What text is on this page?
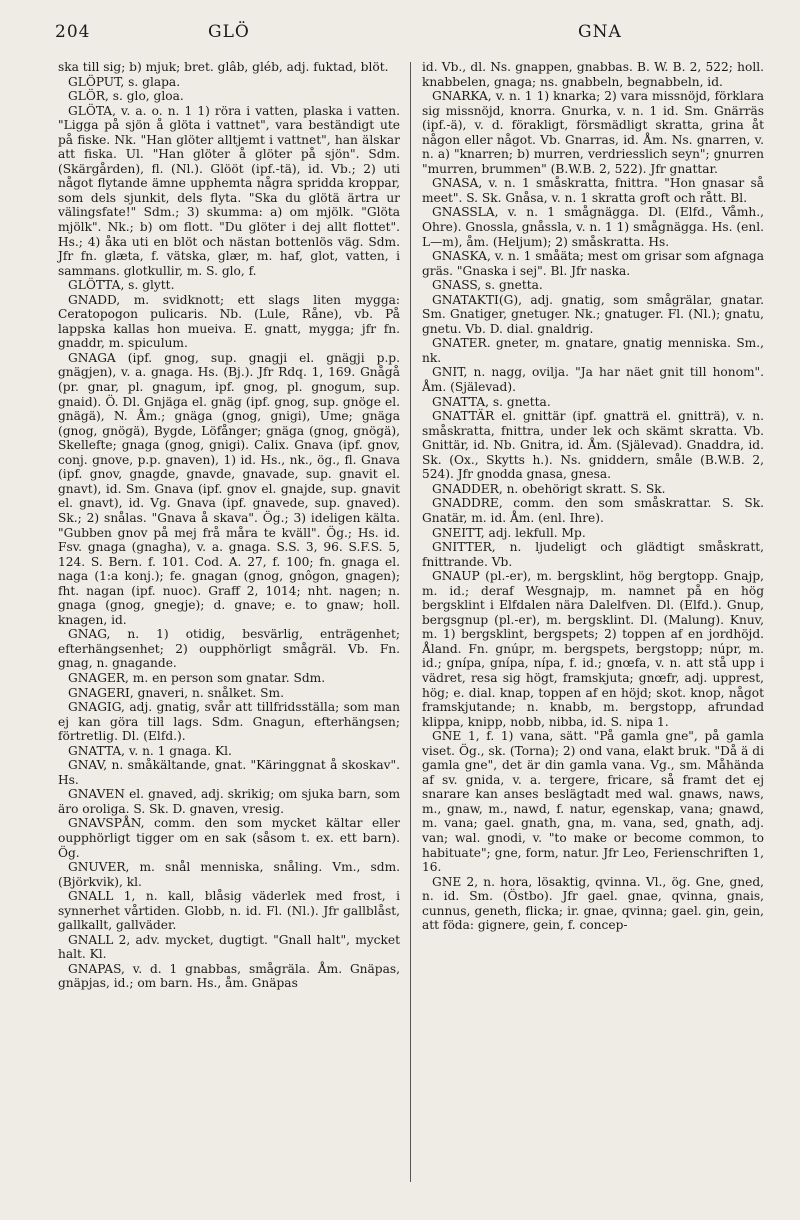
204	GLÖ	GNA

ska till sig; b) mjuk; bret. glâb, gléb, adj. fuktad, blöt.

GLÖPUT, s. glapa.

GLÖR, s. glo, gloa.

GLÖTA, v. a. o. n. 1 1) röra i vatten, plaska i vatten. "Ligga på sjön å glöta i vattnet", vara beständigt ute på fiske. Nk. "Han glöter alltjemt i vattnet", han älskar att fiska. Ul. "Han glöter å glöter på sjön". Sdm. (Skärgården), fl. (Nl.). Glööt (ipf.-tä), id. Vb.; 2) uti något flytande ämne upphemta några spridda kroppar, som dels sjunkit, dels flyta. "Ska du glötä ärtra ur välingsfate!" Sdm.; 3) skumma: a) om mjölk. "Glöta mjölk". Nk.; b) om flott. "Du glöter i dej allt flottet". Hs.; 4) åka uti en blöt och nästan bottenlös väg. Sdm. Jfr fn. glæta, f. vätska, glær, m. haf, glot, vatten, i sammans. glotkullir, m. S. glo, f.

GLÖTTA, s. glytt.

GNADD, m. svidknott; ett slags liten mygga: Ceratopogon pulicaris. Nb. (Lule, Råne), vb. På lappska kallas hon mueiva. E. gnatt, mygga; jfr fn. gnaddr, m. spiculum.

GNAGA (ipf. gnog, sup. gnagji el. gnägji p.p. gnägjen), v. a. gnaga. Hs. (Bj.). Jfr Rdq. 1, 169. Gnågå (pr. gnar, pl. gnagum, ipf. gnog, pl. gnogum, sup. gnaid). Ö. Dl. Gnjäga el. gnäg (ipf. gnog, sup. gnöge el. gnägä), N. Åm.; gnäga (gnog, gnigi), Ume; gnäga (gnog, gnögä), Bygde, Löfånger; gnäga (gnog, gnögä), Skellefte; gnaga (gnog, gnigi). Calix. Gnava (ipf. gnov, conj. gnove, p.p. gnaven), 1) id. Hs., nk., ög., fl. Gnava (ipf. gnov, gnagde, gnavde, gnavade, sup. gnavit el. gnavt), id. Sm. Gnava (ipf. gnov el. gnajde, sup. gnavit el. gnavt), id. Vg. Gnava (ipf. gnavede, sup. gnaved). Sk.; 2) snålas. "Gnava å skava". Ög.; 3) ideligen kälta. "Gubben gnov på mej frå måra te kväll". Ög.; Hs. id. Fsv. gnaga (gnagha), v. a. gnaga. S.S. 3, 96. S.F.S. 5, 124. S. Bern. f. 101. Cod. A. 27, f. 100; fn. gnaga el. naga (1:a konj.); fe. gnagan (gnog, gnôgon, gnagen); fht. nagan (ipf. nuoc). Graff 2, 1014; nht. nagen; n. gnaga (gnog, gnegje); d. gnave; e. to gnaw; holl. knagen, id.

GNAG, n. 1) otidig, besvärlig, enträgenhet; efterhängsenhet; 2) oupphörligt smågräl. Vb. Fn. gnag, n. gnagande.

GNAGER, m. en person som gnatar. Sdm.

GNAGERI, gnaveri, n. snålket. Sm.

GNAGIG, adj. gnatig, svår att tillfridsställa; som man ej kan göra till lags. Sdm. Gnagun, efterhängsen; förtretlig. Dl. (Elfd.).

GNATTA, v. n. 1 gnaga. Kl.

GNAV, n. småkältande, gnat. "Käringgnat å skoskav". Hs.

GNAVEN el. gnaved, adj. skrikig; om sjuka barn, som äro oroliga. S. Sk. D. gnaven, vresig.

GNAVSPÅN, comm. den som mycket kältar eller oupphörligt tigger om en sak (såsom t. ex. ett barn). Ög.

GNUVER, m. snål menniska, snåling. Vm., sdm. (Björkvik), kl.

GNALL 1, n. kall, blåsig väderlek med frost, i synnerhet vårtiden. Globb, n. id. Fl. (Nl.). Jfr gallblåst, gallkallt, gallväder.

GNALL 2, adv. mycket, dugtigt. "Gnall halt", mycket halt. Kl.

GNAPAS, v. d. 1 gnabbas, smågräla. Åm. Gnäpas, gnäpjas, id.; om barn. Hs., åm. Gnäpas

id. Vb., dl. Ns. gnappen, gnabbas. B. W. B. 2, 522; holl. knabbelen, gnaga; ns. gnabbeln, begnabbeln, id.

GNARKA, v. n. 1 1) knarka; 2) vara missnöjd, förklara sig missnöjd, knorra. Gnurka, v. n. 1 id. Sm. Gnärräs (ipf.-ä), v. d. förakligt, försmädligt skratta, grina åt någon eller något. Vb. Gnarras, id. Åm. Ns. gnarren, v. n. a) "knarren; b) murren, verdriesslich seyn"; gnurren "murren, brummen" (B.W.B. 2, 522). Jfr gnattar.

GNASA, v. n. 1 småskratta, fnittra. "Hon gnasar så meet". S. Sk. Gnåsa, v. n. 1 skratta groft och rått. Bl.

GNASSLA, v. n. 1 smågnägga. Dl. (Elfd., Våmh., Ohre). Gnossla, gnåssla, v. n. 1 1) smågnägga. Hs. (enl. L—m), åm. (Heljum); 2) småskratta. Hs.

GNASKA, v. n. 1 småäta; mest om grisar som afgnaga gräs. "Gnaska i sej". Bl. Jfr naska.

GNASS, s. gnetta.

GNATAKTI(G), adj. gnatig, som smågrälar, gnatar. Sm. Gnatiger, gnetuger. Nk.; gnatuger. Fl. (Nl.); gnatu, gnetu. Vb. D. dial. gnaldrig.

GNATER. gneter, m. gnatare, gnatig menniska. Sm., nk.

GNIT, n. nagg, ovilja. "Ja har näet gnit till honom". Åm. (Själevad).

GNATTA, s. gnetta.

GNATTÄR el. gnittär (ipf. gnatträ el. gnitträ), v. n. småskratta, fnittra, under lek och skämt skratta. Vb. Gnittär, id. Nb. Gnitra, id. Åm. (Själevad). Gnaddra, id. Sk. (Ox., Skytts h.). Ns. gniddern, småle (B.W.B. 2, 524). Jfr gnodda gnasa, gnesa.

GNADDER, n. obehörigt skratt. S. Sk.

GNADDRE, comm. den som småskrattar. S. Sk. Gnatär, m. id. Åm. (enl. Ihre).

GNEITT, adj. lekfull. Mp.

GNITTER, n. ljudeligt och glädtigt småskratt, fnittrande. Vb.

GNAUP (pl.-er), m. bergsklint, hög bergtopp. Gnajp, m. id.; deraf Wesgnajp, m. namnet på en hög bergsklint i Elfdalen nära Dalelfven. Dl. (Elfd.). Gnup, bergsgnup (pl.-er), m. bergsklint. Dl. (Malung). Knuv, m. 1) bergsklint, bergspets; 2) toppen af en jordhöjd. Åland. Fn. gnúpr, m. bergspets, bergstopp; núpr, m. id.; gnípa, gnípa, nípa, f. id.; gnœfa, v. n. att stå upp i vädret, resa sig högt, framskjuta; gnœfr, adj. upprest, hög; e. dial. knap, toppen af en höjd; skot. knop, något framskjutande; n. knabb, m. bergstopp, afrundad klippa, knipp, nobb, nibba, id. S. nipa 1.

GNE 1, f. 1) vana, sätt. "På gamla gne", på gamla viset. Ög., sk. (Torna); 2) ond vana, elakt bruk. "Då ä di gamla gne", det är din gamla vana. Vg., sm. Måhända af sv. gnida, v. a. tergere, fricare, så framt det ej snarare kan anses beslägtadt med wal. gnaws, naws, m., gnaw, m., nawd, f. natur, egenskap, vana; gnawd, m. vana; gael. gnath, gna, m. vana, sed, gnath, adj. van; wal. gnodi, v. "to make or become common, to habituate"; gne, form, natur. Jfr Leo, Ferienschriften 1, 16.

GNE 2, n. hora, lösaktig, qvinna. Vl., ög. Gne, gned, n. id. Sm. (Östbo). Jfr gael. gnae, qvinna, gnais, cunnus, geneth, flicka; ir. gnae, qvinna; gael. gin, gein, att föda: gignere, gein, f. concep-
